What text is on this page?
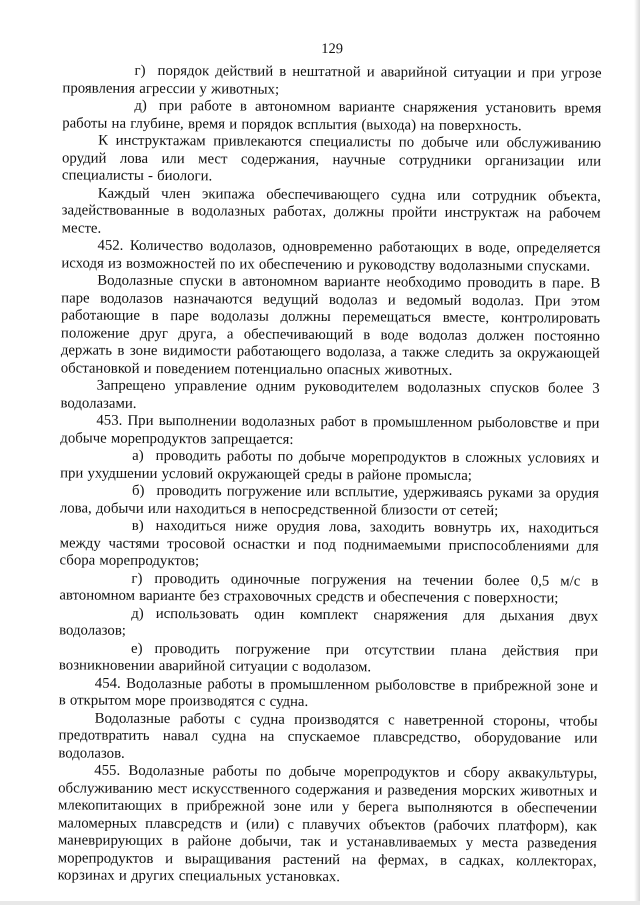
129

г) порядок действий в нештатной и аварийной ситуации и при угрозе проявления агрессии у животных;

д) при работе в автономном варианте снаряжения установить время работы на глубине, время и порядок всплытия (выхода) на поверхность.

К инструктажам привлекаются специалисты по добыче или обслуживанию орудий лова или мест содержания, научные сотрудники организации или специалисты - биологи.

Каждый член экипажа обеспечивающего судна или сотрудник объекта, задействованные в водолазных работах, должны пройти инструктаж на рабочем месте.

452. Количество водолазов, одновременно работающих в воде, определяется исходя из возможностей по их обеспечению и руководству водолазными спусками.

Водолазные спуски в автономном варианте необходимо проводить в паре. В паре водолазов назначаются ведущий водолаз и ведомый водолаз. При этом работающие в паре водолазы должны перемещаться вместе, контролировать положение друг друга, а обеспечивающий в воде водолаз должен постоянно держать в зоне видимости работающего водолаза, а также следить за окружающей обстановкой и поведением потенциально опасных животных.

Запрещено управление одним руководителем водолазных спусков более 3 водолазами.

453. При выполнении водолазных работ в промышленном рыболовстве и при добыче морепродуктов запрещается:

а) проводить работы по добыче морепродуктов в сложных условиях и при ухудшении условий окружающей среды в районе промысла;

б) проводить погружение или всплытие, удерживаясь руками за орудия лова, добычи или находиться в непосредственной близости от сетей;

в) находиться ниже орудия лова, заходить вовнутрь их, находиться между частями тросовой оснастки и под поднимаемыми приспособлениями для сбора морепродуктов;

г) проводить одиночные погружения на течении более 0,5 м/с в автономном варианте без страховочных средств и обеспечения с поверхности;

д) использовать один комплект снаряжения для дыхания двух водолазов;

е) проводить погружение при отсутствии плана действия при возникновении аварийной ситуации с водолазом.

454. Водолазные работы в промышленном рыболовстве в прибрежной зоне и в открытом море производятся с судна.

Водолазные работы с судна производятся с наветренной стороны, чтобы предотвратить навал судна на спускаемое плавсредство, оборудование или водолазов.

455. Водолазные работы по добыче морепродуктов и сбору аквакультуры, обслуживанию мест искусственного содержания и разведения морских животных и млекопитающих в прибрежной зоне или у берега выполняются в обеспечении маломерных плавсредств и (или) с плавучих объектов (рабочих платформ), как маневрирующих в районе добычи, так и устанавливаемых у места разведения морепродуктов и выращивания растений на фермах, в садках, коллекторах, корзинах и других специальных установках.
